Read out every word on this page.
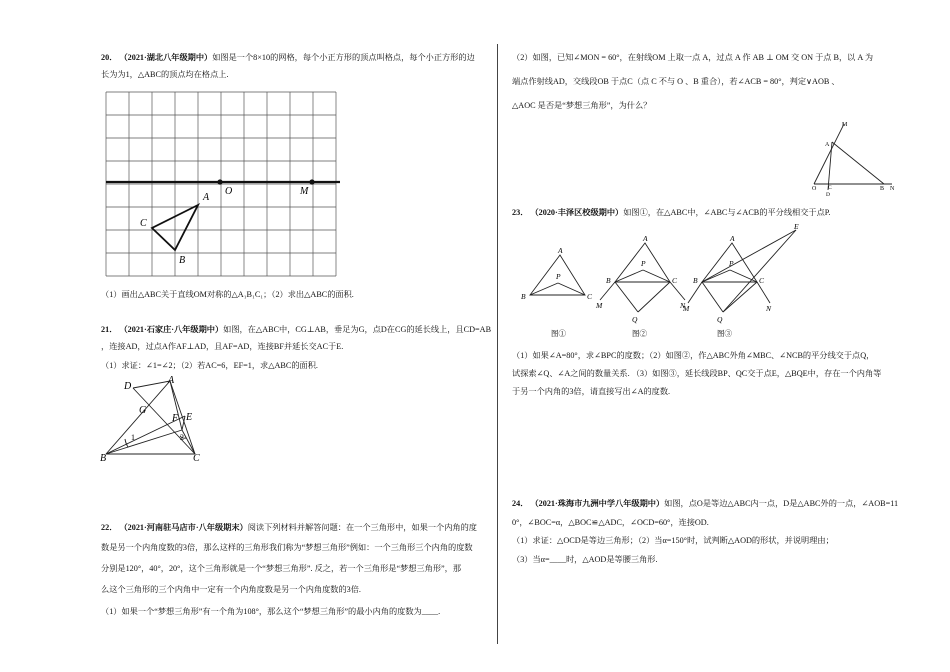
20． （2021·湖北八年级期中）如图是一个8×10的网格，每个小正方形的顶点叫格点，每个小正方形的边
长为为1，△ABC的顶点均在格点上.
O	M
A
C
B
（1）画出△ABC关于直线OM对称的△A₁B₁C₁；（2）求出△ABC的面积.
21． （2021·石家庄·八年级期中）如图，在△ABC中，CG⊥AB，垂足为G，点D在CG的延长线上，且CD=AB
，连接AD，过点A作AF⊥AD，且AF=AD，连接BF并延长交AC于E.
（1）求证：∠1=∠2；（2）若AC=6，EF=1，求△ABC的面积.
D
A
G
F E
1	2
B	C
22． （2021·河南驻马店市·八年级期末）阅读下列材料并解答问题：在一个三角形中，如果一个内角的度
数是另一个内角度数的3倍，那么这样的三角形我们称为“梦想三角形”例如：一个三角形三个内角的度数
分别是120°，40°，20°，这个三角形就是一个“梦想三角形”. 反之，若一个三角形是“梦想三角形”，那
么这个三角形的三个内角中一定有一个内角度数是另一个内角度数的3倍.
（1）如果一个“梦想三角形”有一个角为108°，那么这个“梦想三角形”的最小内角的度数为____.
（2）如图，已知∠MON = 60°，在射线OM 上取一点 A，过点 A 作 AB ⊥ OM 交 ON 于点 B，以 A 为
端点作射线AD，交线段OB 于点C（点 C 不与 O 、B 重合），若∠ACB = 80°，判定∨AOB 、
△AOC 是否是“梦想三角形”，为什么？
M
A
O C
D
B N
23． （2020·丰泽区校级期中）如图①，在△ABC中，∠ABC与∠ACB的平分线相交于点P.
A
P
B	C
A
P
B	C
M	N
Q
A
P
B	C
M	N
Q
E
图①	图②	图③
（1）如果∠A=80°，求∠BPC的度数；（2）如图②，作△ABC外角∠MBC、∠NCB的平分线交于点Q，
试探索∠Q、∠A之间的数量关系. （3）如图③，延长线段BP、QC交于点E，△BQE中，存在一个内角等
于另一个内角的3倍，请直接写出∠A的度数.
24． （2021·珠海市九洲中学八年级期中）如图，点O是等边△ABC内一点，D是△ABC外的一点，∠AOB=11
0°，∠BOC=α，△BOC≌△ADC，∠OCD=60°，连接OD.
（1）求证：△OCD是等边三角形；（2）当α=150°时，试判断△AOD的形状，并说明理由；
（3）当α=____时，△AOD是等腰三角形.
